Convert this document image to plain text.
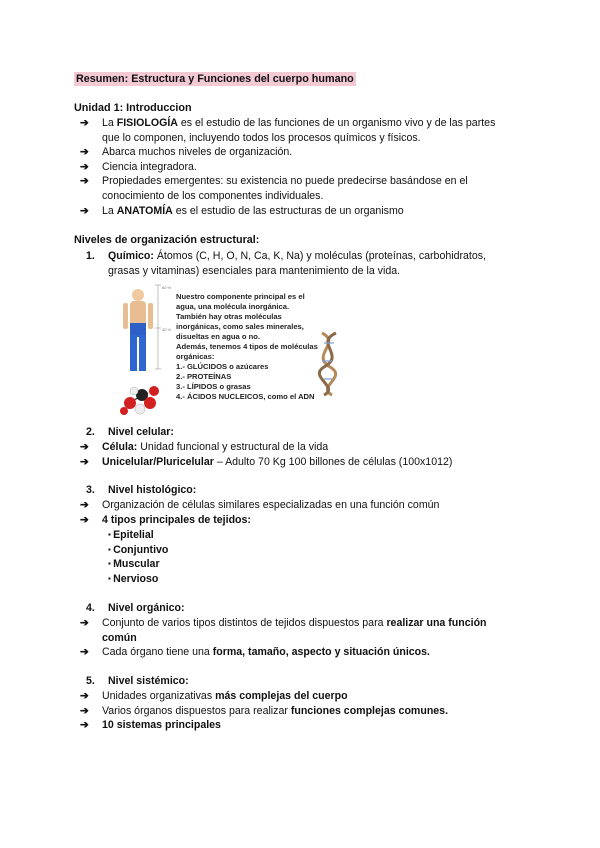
Resumen: Estructura y Funciones del cuerpo humano
Unidad 1: Introduccion
➔ La FISIOLOGÍA es el estudio de las funciones de un organismo vivo y de las partes
que lo componen, incluyendo todos los procesos químicos y físicos.
➔ Abarca muchos niveles de organización.
➔ Ciencia integradora.
➔ Propiedades emergentes: su existencia no puede predecirse basándose en el
conocimiento de los componentes individuales.
➔ La ANATOMÍA es el estudio de las estructuras de un organismo
Niveles de organización estructural:
1. Químico: Átomos (C, H, O, N, Ca, K, Na) y moléculas (proteínas, carbohidratos,
grasas y vitaminas) esenciales para mantenimiento de la vida.
60 %
40 %
Nuestro componente principal es el
agua, una molécula inorgánica.
También hay otras moléculas
inorgánicas, como sales minerales,
disueltas en agua o no.
Además, tenemos 4 tipos de moléculas
orgánicas:
1.- GLÚCIDOS o azúcares
2.- PROTEÍNAS
3.- LÍPIDOS o grasas
4.- ÁCIDOS NUCLEICOS, como el ADN
2. Nivel celular:
➔ Célula: Unidad funcional y estructural de la vida
➔ Unicelular/Pluricelular – Adulto 70 Kg 100 billones de células (100x1012)
3. Nivel histológico:
➔ Organización de células similares especializadas en una función común
➔ 4 tipos principales de tejidos:
▪ Epitelial
▪ Conjuntivo
▪ Muscular
▪ Nervioso
4. Nivel orgánico:
➔ Conjunto de varios tipos distintos de tejidos dispuestos para realizar una función
común
➔ Cada órgano tiene una forma, tamaño, aspecto y situación únicos.
5. Nivel sistémico:
➔ Unidades organizativas más complejas del cuerpo
➔ Varios órganos dispuestos para realizar funciones complejas comunes.
➔ 10 sistemas principales
